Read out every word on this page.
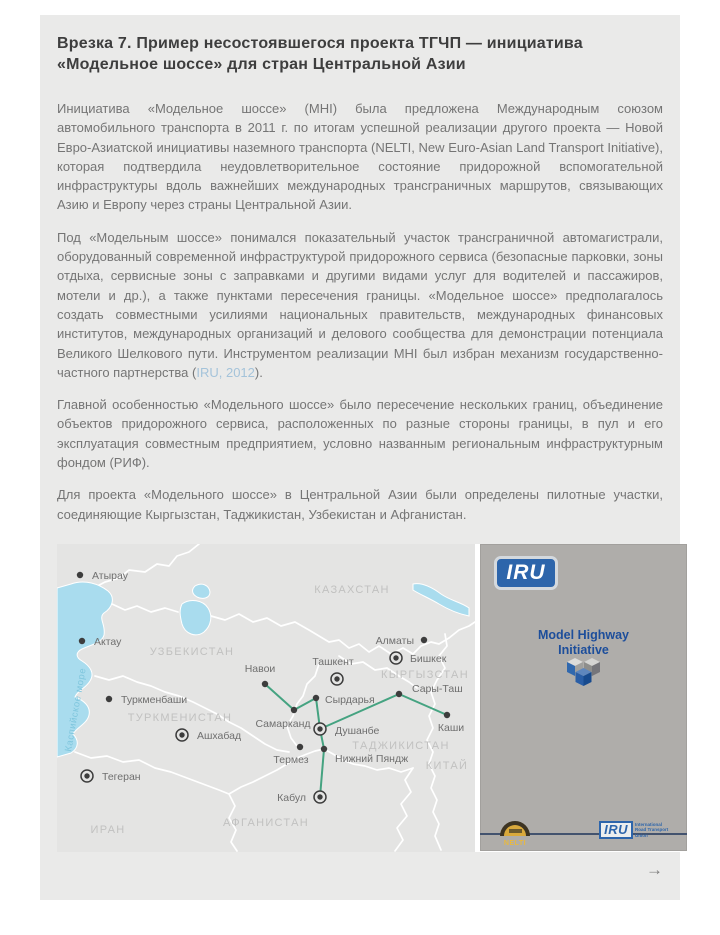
Врезка 7. Пример несостоявшегося проекта ТГЧП — инициатива «Модельное шоссе» для стран Центральной Азии

Инициатива «Модельное шоссе» (MHI) была предложена Международным союзом автомобильного транспорта в 2011 г. по итогам успешной реализации другого проекта — Новой Евро-Азиатской инициативы наземного транспорта (NELTI, New Euro-Asian Land Transport Initiative), которая подтвердила неудовлетворительное состояние придорожной вспомогательной инфраструктуры вдоль важнейших международных трансграничных маршрутов, связывающих Азию и Европу через страны Центральной Азии.

Под «Модельным шоссе» понимался показательный участок трансграничной автомагистрали, оборудованный современной инфраструктурой придорожного сервиса (безопасные парковки, зоны отдыха, сервисные зоны с заправками и другими видами услуг для водителей и пассажиров, мотели и др.), а также пунктами пересечения границы. «Модельное шоссе» предполагалось создать совместными усилиями национальных правительств, международных финансовых институтов, международных организаций и делового сообщества для демонстрации потенциала Великого Шелкового пути. Инструментом реализации MHI был избран механизм государственно-частного партнерства (IRU, 2012).

Главной особенностью «Модельного шоссе» было пересечение нескольких границ, объединение объектов придорожного сервиса, расположенных по разные стороны границы, в пул и его эксплуатация совместным предприятием, условно названным региональным инфраструктурным фондом (РИФ).

Для проекта «Модельного шоссе» в Центральной Азии были определены пилотные участки, соединяющие Кыргызстан, Таджикистан, Узбекистан и Афганистан.

Каспийское море
КАЗАХСТАН
УЗБЕКИСТАН
КЫРГЫЗСТАН
ТУРКМЕНИСТАН
ТАДЖИКИСТАН
КИТАЙ
АФГАНИСТАН
ИРАН
Атырау
Актау
Туркменбаши
Ашхабад
Тегеран
Навои
Ташкент
Сырдарья
Самарканд
Душанбе
Термез	Нижний Пяндж
Кабул
Алматы
Бишкек
Сары-Таш
Каши
IRU
Model Highway
Initiative
NELTI
IRU	International Road Transport Union
→
